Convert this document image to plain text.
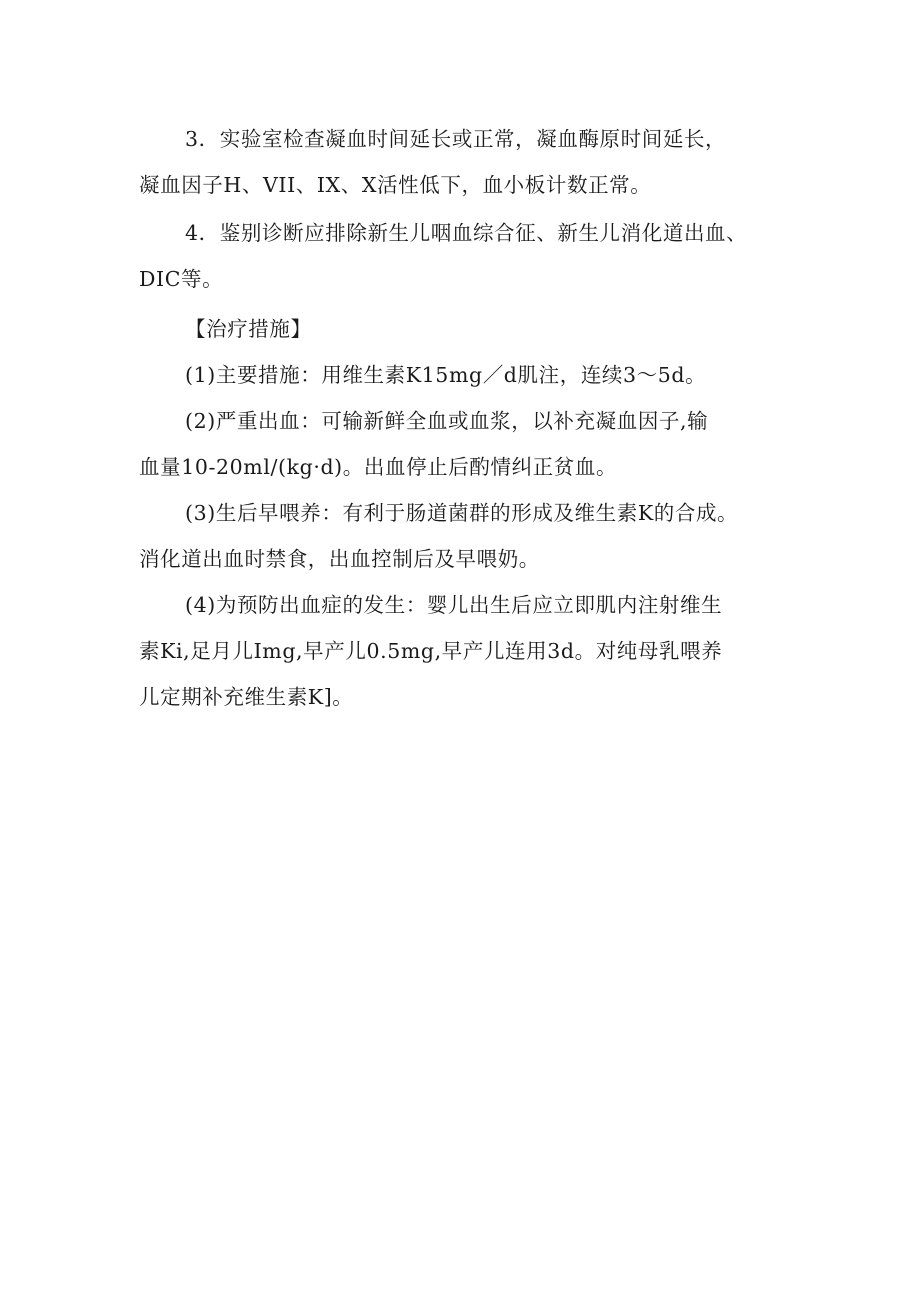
3．实验室检查凝血时间延长或正常，凝血酶原时间延长，

凝血因子H、VII、IX、X活性低下，血小板计数正常。

4．鉴别诊断应排除新生儿咽血综合征、新生儿消化道出血、

DIC等。

【治疗措施】

(1)主要措施：用维生素K15mg／d肌注，连续3～5d。

(2)严重出血：可输新鲜全血或血浆，以补充凝血因子,输

血量10-20ml/(kg·d)。出血停止后酌情纠正贫血。

(3)生后早喂养：有利于肠道菌群的形成及维生素K的合成。

消化道出血时禁食，出血控制后及早喂奶。

(4)为预防出血症的发生：婴儿出生后应立即肌内注射维生

素Ki,足月儿Img,早产儿0.5mg,早产儿连用3d。对纯母乳喂养

儿定期补充维生素K]。
